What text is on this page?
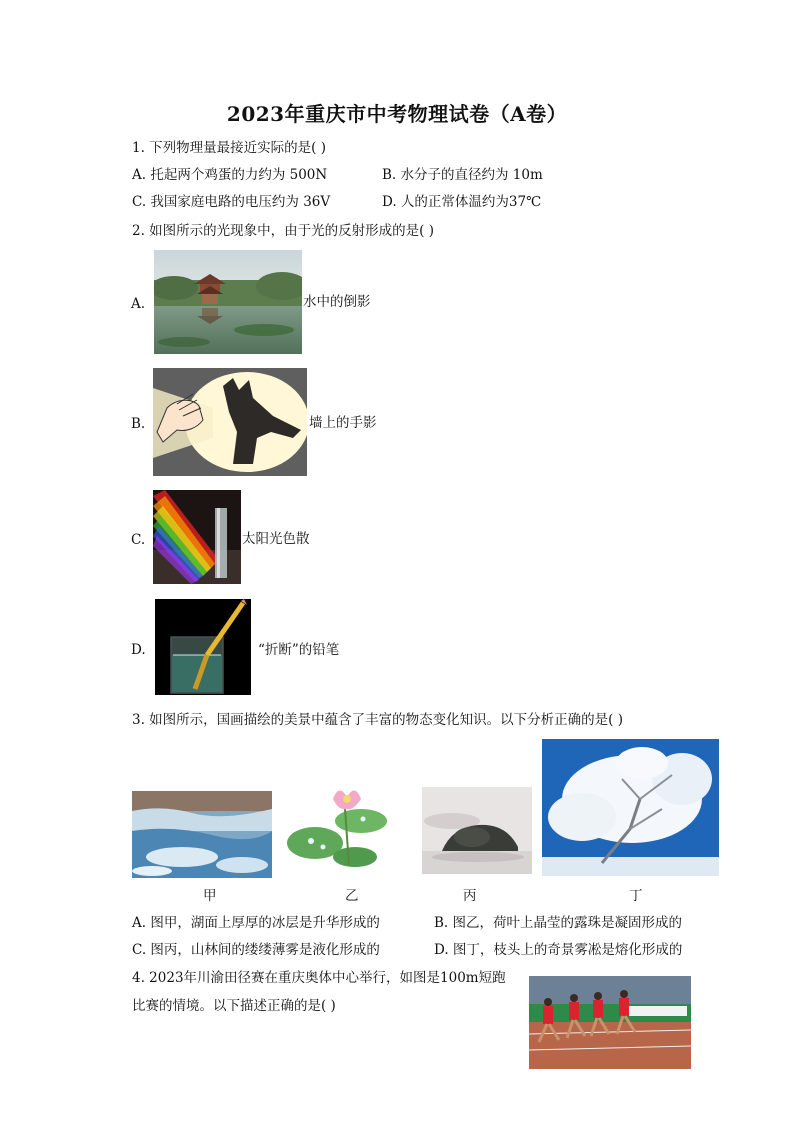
2023年重庆市中考物理试卷（A卷）
1. 下列物理量最接近实际的是( )
A. 托起两个鸡蛋的力约为 500N	B. 水分子的直径约为 10m
C. 我国家庭电路的电压约为 36V	D. 人的正常体温约为37℃
2. 如图所示的光现象中，由于光的反射形成的是( )
A.	水中的倒影
B.	墙上的手影
C.	太阳光色散
D.	“折断”的铅笔
3. 如图所示，国画描绘的美景中蕴含了丰富的物态变化知识。以下分析正确的是( )
甲	乙	丙	丁
A. 图甲，湖面上厚厚的冰层是升华形成的	B. 图乙，荷叶上晶莹的露珠是凝固形成的
C. 图丙，山林间的缕缕薄雾是液化形成的	D. 图丁，枝头上的奇景雾凇是熔化形成的
4. 2023年川渝田径赛在重庆奥体中心举行，如图是100m短跑
比赛的情境。以下描述正确的是( )
